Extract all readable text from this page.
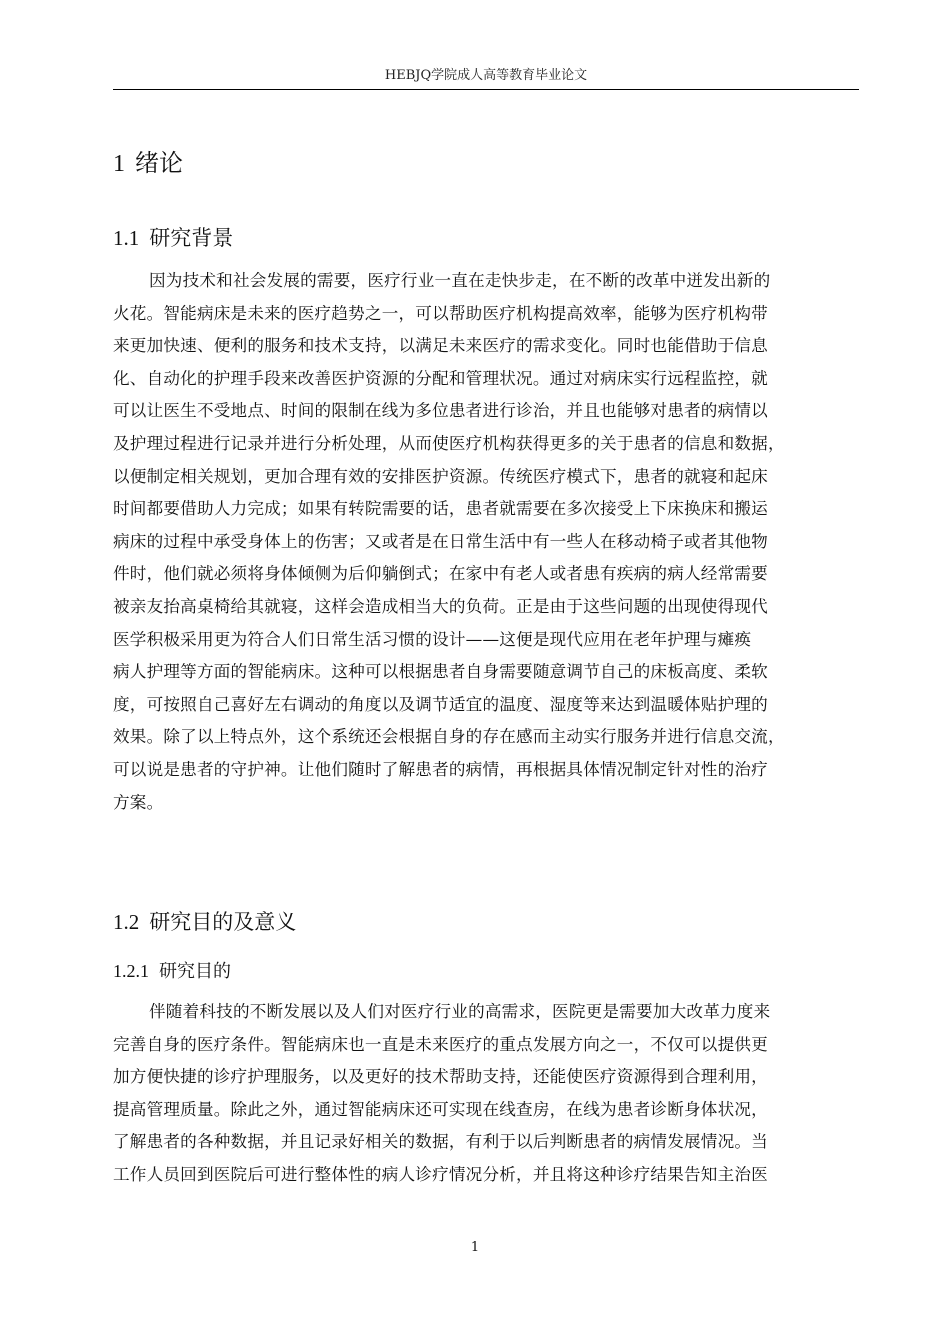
HEBJQ学院成人高等教育毕业论文
1 绪论
1.1 研究背景
因为技术和社会发展的需要，医疗行业一直在走快步走，在不断的改革中迸发出新的
火花。智能病床是未来的医疗趋势之一，可以帮助医疗机构提高效率，能够为医疗机构带
来更加快速、便利的服务和技术支持，以满足未来医疗的需求变化。同时也能借助于信息
化、自动化的护理手段来改善医护资源的分配和管理状况。通过对病床实行远程监控，就
可以让医生不受地点、时间的限制在线为多位患者进行诊治，并且也能够对患者的病情以
及护理过程进行记录并进行分析处理，从而使医疗机构获得更多的关于患者的信息和数据，
以便制定相关规划，更加合理有效的安排医护资源。传统医疗模式下，患者的就寝和起床
时间都要借助人力完成；如果有转院需要的话，患者就需要在多次接受上下床换床和搬运
病床的过程中承受身体上的伤害；又或者是在日常生活中有一些人在移动椅子或者其他物
件时，他们就必须将身体倾侧为后仰躺倒式；在家中有老人或者患有疾病的病人经常需要
被亲友抬高桌椅给其就寝，这样会造成相当大的负荷。正是由于这些问题的出现使得现代
医学积极采用更为符合人们日常生活习惯的设计——这便是现代应用在老年护理与瘫痪
病人护理等方面的智能病床。这种可以根据患者自身需要随意调节自己的床板高度、柔软
度，可按照自己喜好左右调动的角度以及调节适宜的温度、湿度等来达到温暖体贴护理的
效果。除了以上特点外，这个系统还会根据自身的存在感而主动实行服务并进行信息交流，
可以说是患者的守护神。让他们随时了解患者的病情，再根据具体情况制定针对性的治疗
方案。
1.2 研究目的及意义
1.2.1 研究目的
伴随着科技的不断发展以及人们对医疗行业的高需求，医院更是需要加大改革力度来
完善自身的医疗条件。智能病床也一直是未来医疗的重点发展方向之一，不仅可以提供更
加方便快捷的诊疗护理服务，以及更好的技术帮助支持，还能使医疗资源得到合理利用，
提高管理质量。除此之外，通过智能病床还可实现在线查房，在线为患者诊断身体状况，
了解患者的各种数据，并且记录好相关的数据，有利于以后判断患者的病情发展情况。当
工作人员回到医院后可进行整体性的病人诊疗情况分析，并且将这种诊疗结果告知主治医
1
